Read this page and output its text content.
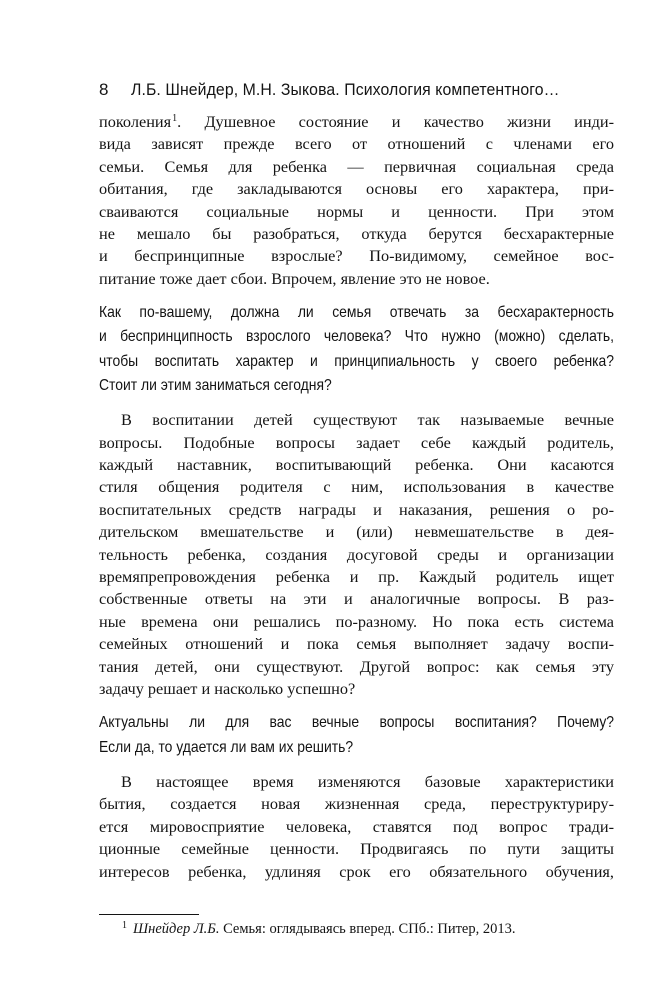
8	Л.Б. Шнейдер, М.Н. Зыкова. Психология компетентного…
поколения$^1$. Душевное состояние и качество жизни инди-
вида зависят прежде всего от отношений с членами его
семьи. Семья для ребенка — первичная социальная среда
обитания, где закладываются основы его характера, при-
сваиваются социальные нормы и ценности. При этом
не мешало бы разобраться, откуда берутся бесхарактерные
и беспринципные взрослые? По-видимому, семейное вос-
питание тоже дает сбои. Впрочем, явление это не новое.
Как по-вашему, должна ли семья отвечать за бесхарактерность
и беспринципность взрослого человека? Что нужно (можно) сделать,
чтобы воспитать характер и принципиальность у своего ребенка?
Стоит ли этим заниматься сегодня?
В воспитании детей существуют так называемые вечные
вопросы. Подобные вопросы задает себе каждый родитель,
каждый наставник, воспитывающий ребенка. Они касаются
стиля общения родителя с ним, использования в качестве
воспитательных средств награды и наказания, решения о ро-
дительском вмешательстве и (или) невмешательстве в дея-
тельность ребенка, создания досуговой среды и организации
времяпрепровождения ребенка и пр. Каждый родитель ищет
собственные ответы на эти и аналогичные вопросы. В раз-
ные времена они решались по-разному. Но пока есть система
семейных отношений и пока семья выполняет задачу воспи-
тания детей, они существуют. Другой вопрос: как семья эту
задачу решает и насколько успешно?
Актуальны ли для вас вечные вопросы воспитания? Почему?
Если да, то удается ли вам их решить?
В настоящее время изменяются базовые характеристики
бытия, создается новая жизненная среда, переструктуриру-
ется мировосприятие человека, ставятся под вопрос тради-
ционные семейные ценности. Продвигаясь по пути защиты
интересов ребенка, удлиняя срок его обязательного обучения,
$^1$ Шнейдер Л.Б. Семья: оглядываясь вперед. СПб.: Питер, 2013.
